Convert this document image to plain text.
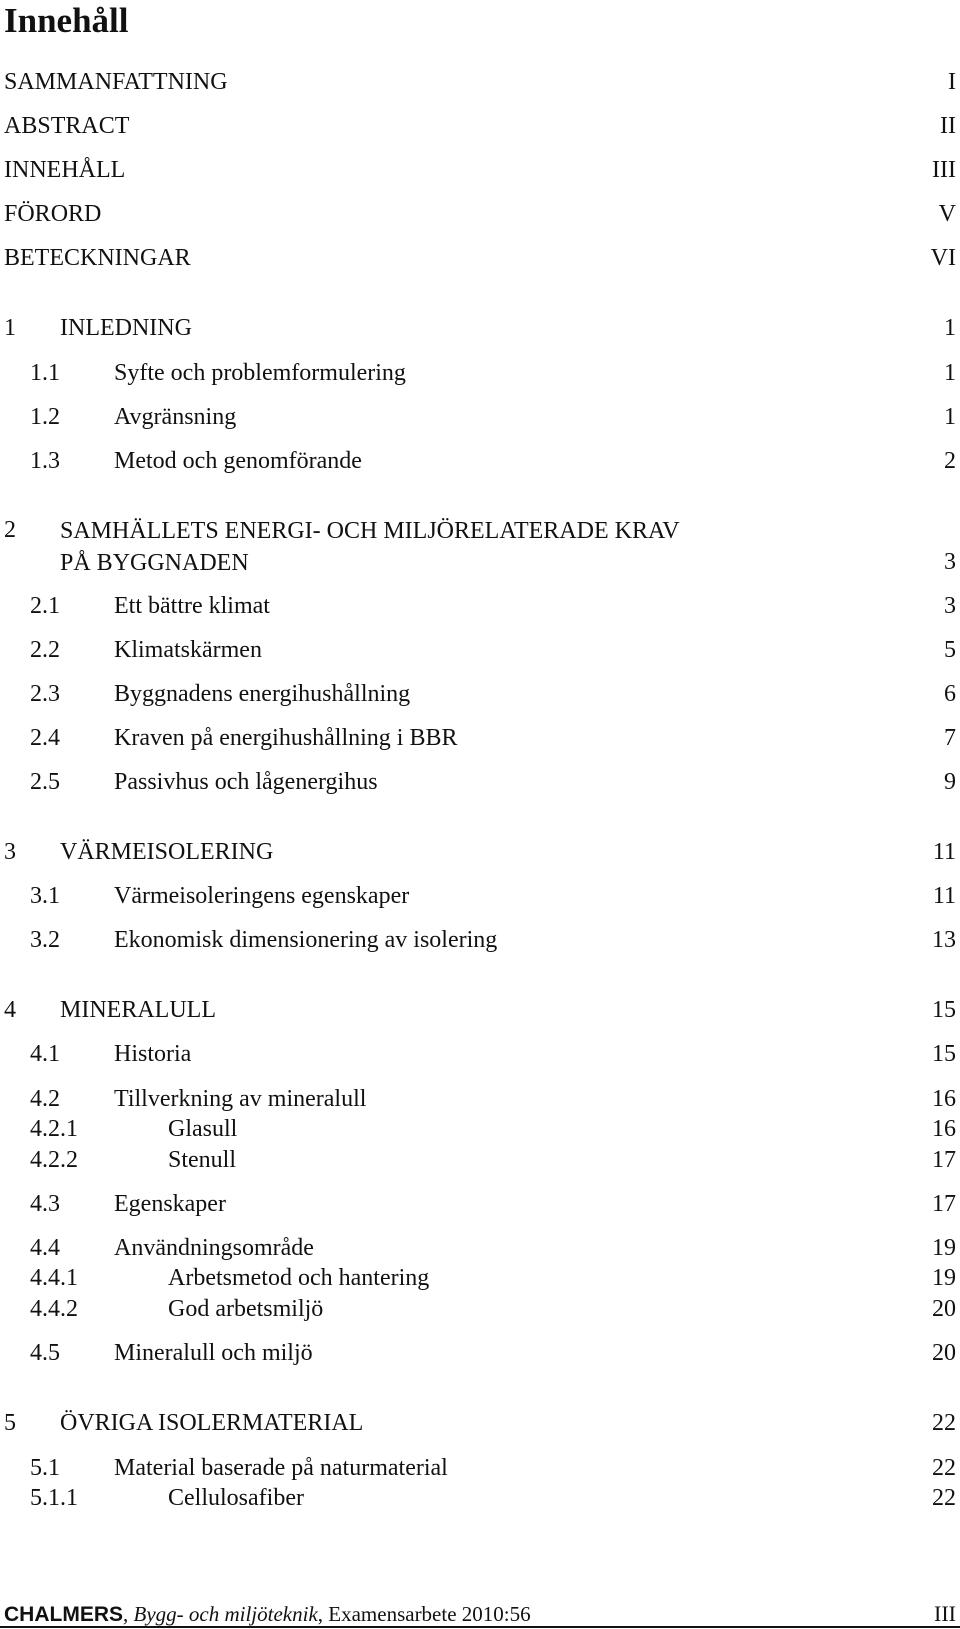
Innehåll
SAMMANFATTNING	I
ABSTRACT	II
INNEHÅLL	III
FÖRORD	V
BETECKNINGAR	VI
1 INLEDNING	1
1.1 Syfte och problemformulering	1
1.2 Avgränsning	1
1.3 Metod och genomförande	2
2 SAMHÄLLETS ENERGI- OCH MILJÖRELATERADE KRAV
PÅ BYGGNADEN	3
2.1 Ett bättre klimat	3
2.2 Klimatskärmen	5
2.3 Byggnadens energihushållning	6
2.4 Kraven på energihushållning i BBR	7
2.5 Passivhus och lågenergihus	9
3 VÄRMEISOLERING	11
3.1 Värmeisoleringens egenskaper	11
3.2 Ekonomisk dimensionering av isolering	13
4 MINERALULL	15
4.1 Historia	15
4.2 Tillverkning av mineralull	16
4.2.1	Glasull	16
4.2.2	Stenull	17
4.3 Egenskaper	17
4.4 Användningsområde	19
4.4.1	Arbetsmetod och hantering	19
4.4.2	God arbetsmiljö	20
4.5 Mineralull och miljö	20
5 ÖVRIGA ISOLERMATERIAL	22
5.1 Material baserade på naturmaterial	22
5.1.1	Cellulosafiber	22
CHALMERS, Bygg- och miljöteknik, Examensarbete 2010:56	III
